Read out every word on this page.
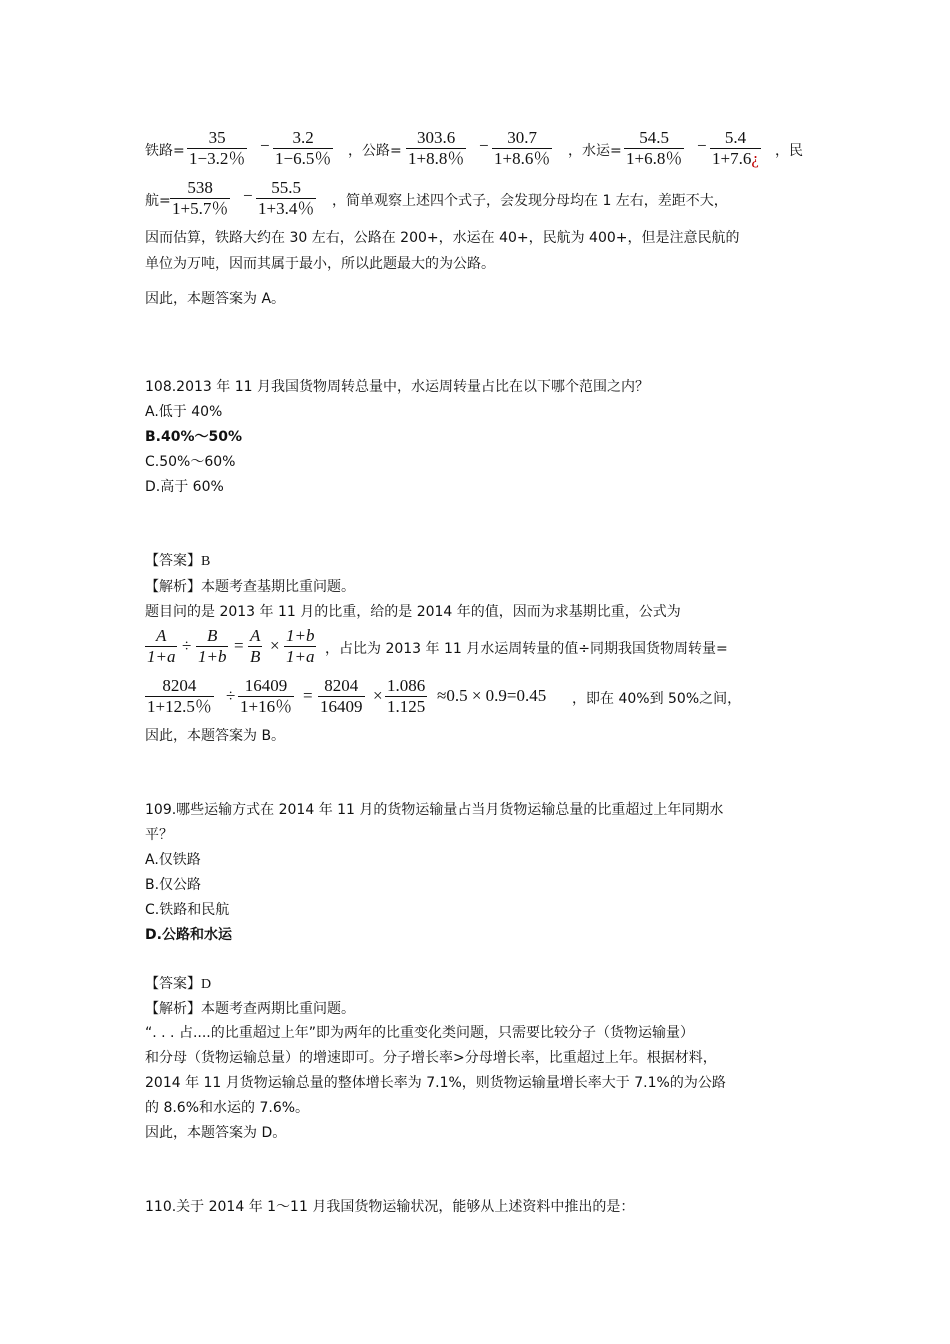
铁路= $\frac{35}{1-3.2\%} - \frac{3.2}{1-6.5\%}$ ，公路= $\frac{303.6}{1+8.8\%} - \frac{30.7}{1+8.6\%}$ ，水运= $\frac{54.5}{1+6.8\%} - \frac{5.4}{1+7.6¿}$ ，民
航= $\frac{538}{1+5.7\%} - \frac{55.5}{1+3.4\%}$ ，简单观察上述四个式子，会发现分母均在 1 左右，差距不大，
因而估算，铁路大约在 30 左右，公路在 200+，水运在 40+，民航为 400+，但是注意民航的
单位为万吨，因而其属于最小，所以此题最大的为公路。
因此，本题答案为 A。
108.2013 年 11 月我国货物周转总量中，水运周转量占比在以下哪个范围之内？
A.低于 40%
B.40%～50%
C.50%～60%
D.高于 60%
【答案】B
【解析】本题考查基期比重问题。
题目问的是 2013 年 11 月的比重，给的是 2014 年的值，因而为求基期比重，公式为
$\frac{A}{1+a} \div \frac{B}{1+b} = \frac{A}{B} \times \frac{1+b}{1+a}$ ，占比为 2013 年 11 月水运周转量的值÷同期我国货物周转量=
$\frac{8204}{1+12.5\%} \div \frac{16409}{1+16\%} = \frac{8204}{16409} \times \frac{1.086}{1.125} \approx 0.5 \times 0.9=0.45$ ，即在 40%到 50%之间，
因此，本题答案为 B。
109.哪些运输方式在 2014 年 11 月的货物运输量占当月货物运输总量的比重超过上年同期水
平？
A.仅铁路
B.仅公路
C.铁路和民航
D.公路和水运
【答案】D
【解析】本题考查两期比重问题。
“. . . 占....的比重超过上年”即为两年的比重变化类问题，只需要比较分子（货物运输量）
和分母（货物运输总量）的增速即可。分子增长率>分母增长率，比重超过上年。根据材料，
2014 年 11 月货物运输总量的整体增长率为 7.1%，则货物运输量增长率大于 7.1%的为公路
的 8.6%和水运的 7.6%。
因此，本题答案为 D。
110.关于 2014 年 1～11 月我国货物运输状况，能够从上述资料中推出的是：
